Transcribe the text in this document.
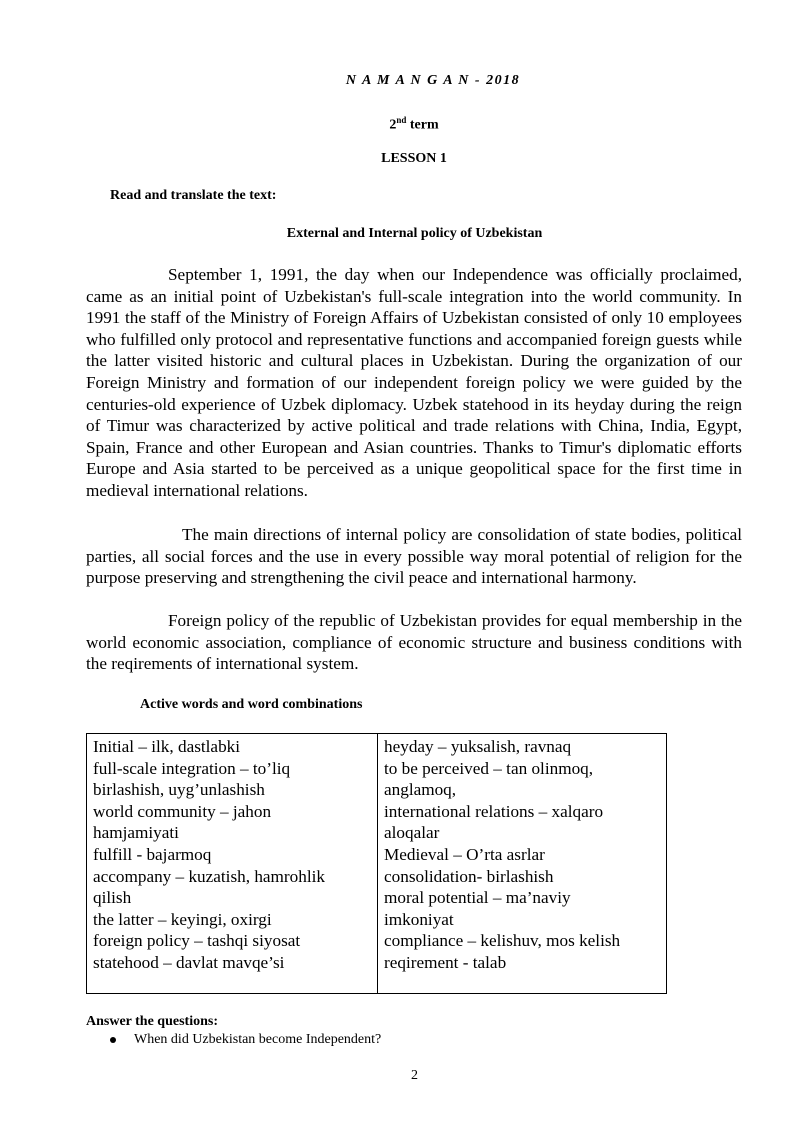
N A M A N G A N - 2018
2nd term
LESSON 1
Read and translate the text:
External and Internal policy of Uzbekistan

September 1, 1991, the day when our Independence was officially proclaimed, came as an initial point of Uzbekistan's full-scale integration into the world community. In 1991 the staff of the Ministry of Foreign Affairs of Uzbekistan consisted of only 10 employees who fulfilled only protocol and representative functions and accompanied foreign guests while the latter visited historic and cultural places in Uzbekistan. During the organization of our Foreign Ministry and formation of our independent foreign policy we were guided by the centuries-old experience of Uzbek diplomacy. Uzbek statehood in its heyday during the reign of Timur was characterized by active political and trade relations with China, India, Egypt, Spain, France and other European and Asian countries. Thanks to Timur's diplomatic efforts Europe and Asia started to be perceived as a unique geopolitical space for the first time in medieval international relations.

The main directions of internal policy are consolidation of state bodies, political parties, all social forces and the use in every possible way moral potential of religion for the purpose preserving and strengthening the civil peace and international harmony.

Foreign policy of the republic of Uzbekistan provides for equal membership in the world economic association, compliance of economic structure and business conditions with the reqirements of international system.

Active words and word combinations
Initial – ilk, dastlabki
full-scale integration – to’liq
birlashish, uyg’unlashish
world community – jahon
hamjamiyati
fulfill - bajarmoq
accompany – kuzatish, hamrohlik
qilish
the latter – keyingi, oxirgi
foreign policy – tashqi siyosat
statehood – davlat mavqe’si
heyday – yuksalish, ravnaq
to be perceived – tan olinmoq,
anglamoq,
international relations – xalqaro
aloqalar
Medieval – O’rta asrlar
consolidation- birlashish
moral potential – ma’naviy
imkoniyat
compliance – kelishuv, mos kelish
reqirement - talab
Answer the questions:
When did Uzbekistan become Independent?
2
